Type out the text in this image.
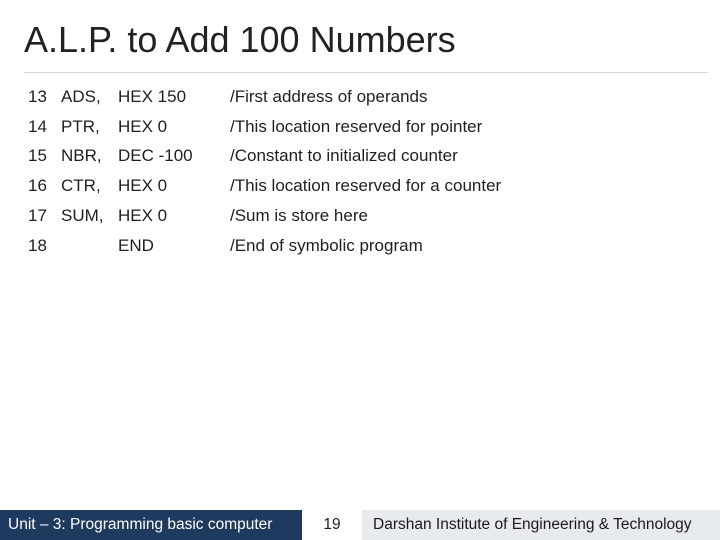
A.L.P. to Add 100 Numbers
13	ADS,	HEX 150	/First address of operands
14	PTR,	HEX 0	/This location reserved for pointer
15	NBR,	DEC -100	/Constant to initialized counter
16	CTR,	HEX 0	/This location reserved for a counter
17	SUM,	HEX 0	/Sum is store here
18		END	/End of symbolic program
Unit – 3: Programming basic computer	19	Darshan Institute of Engineering & Technology
